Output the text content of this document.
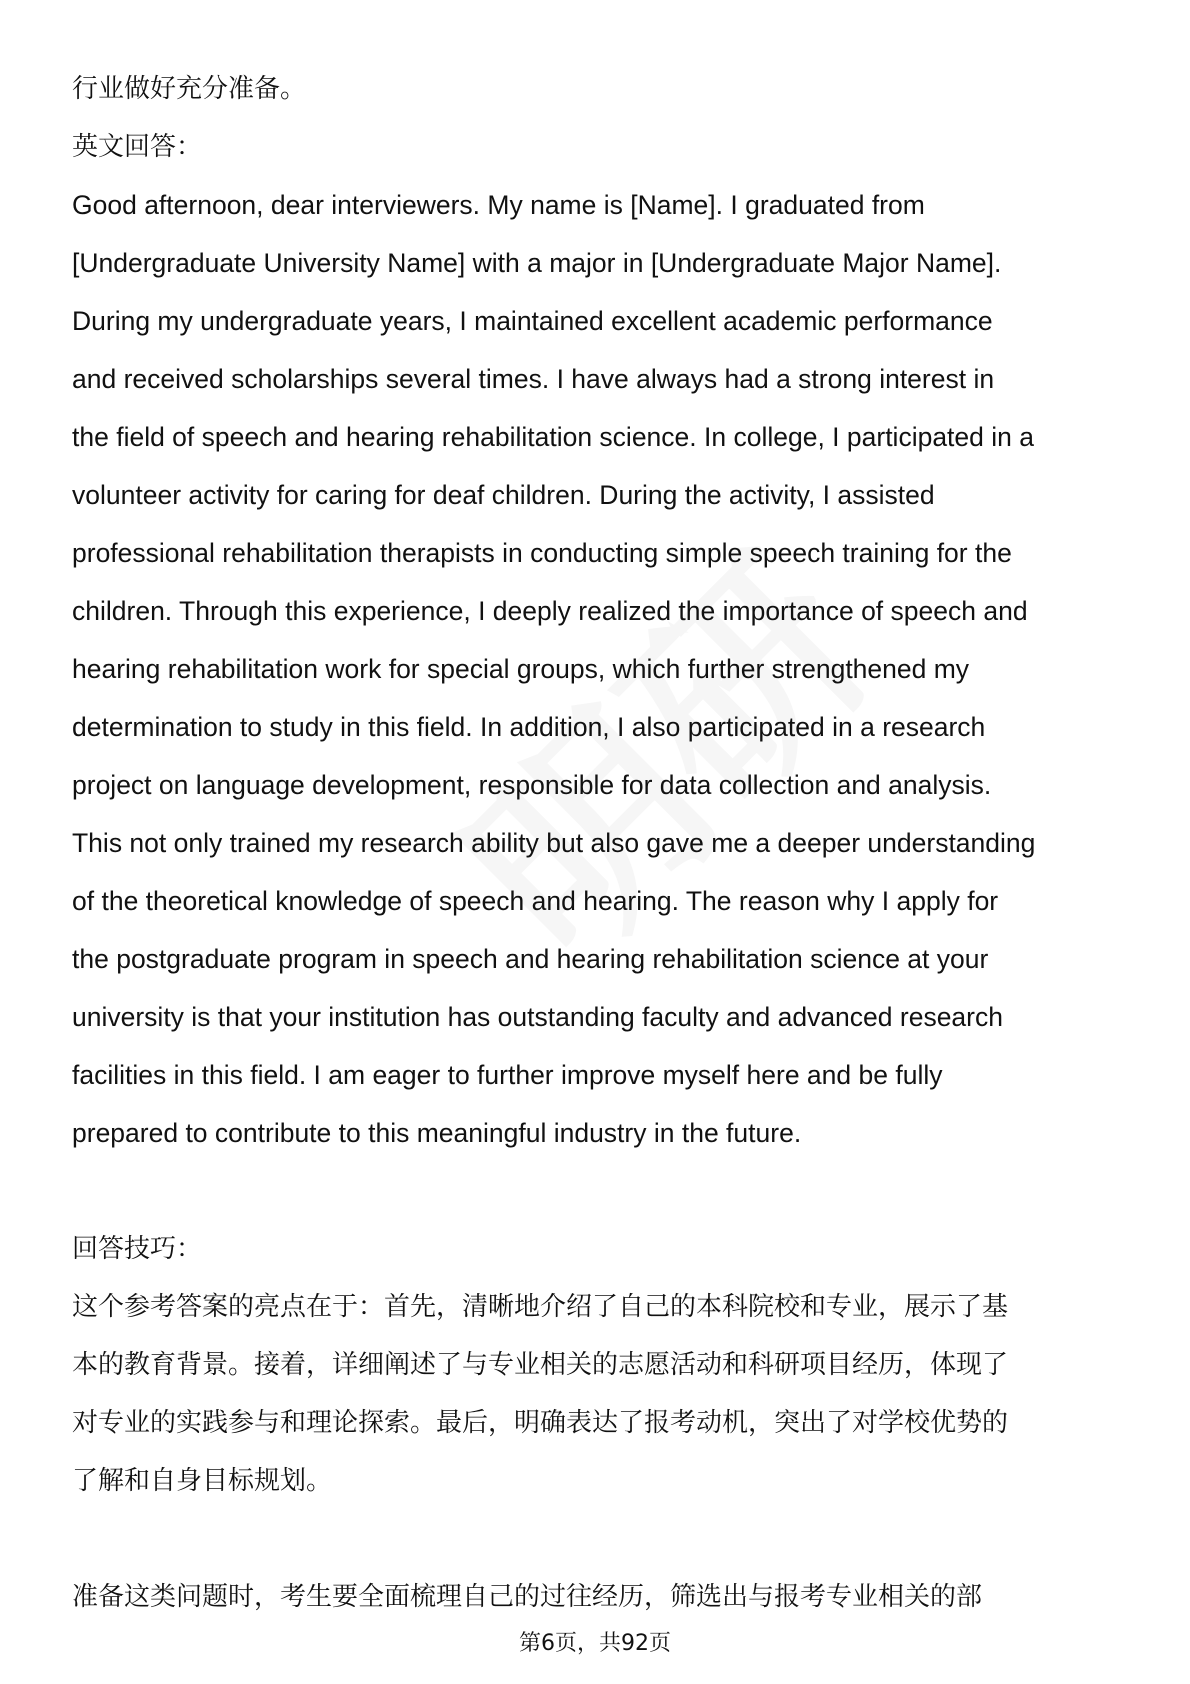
行业做好充分准备。
英文回答：
Good afternoon, dear interviewers. My name is [Name]. I graduated from
[Undergraduate University Name] with a major in [Undergraduate Major Name].
During my undergraduate years, I maintained excellent academic performance
and received scholarships several times. I have always had a strong interest in
the field of speech and hearing rehabilitation science. In college, I participated in a
volunteer activity for caring for deaf children. During the activity, I assisted
professional rehabilitation therapists in conducting simple speech training for the
children. Through this experience, I deeply realized the importance of speech and
hearing rehabilitation work for special groups, which further strengthened my
determination to study in this field. In addition, I also participated in a research
project on language development, responsible for data collection and analysis.
This not only trained my research ability but also gave me a deeper understanding
of the theoretical knowledge of speech and hearing. The reason why I apply for
the postgraduate program in speech and hearing rehabilitation science at your
university is that your institution has outstanding faculty and advanced research
facilities in this field. I am eager to further improve myself here and be fully
prepared to contribute to this meaningful industry in the future.
回答技巧：
这个参考答案的亮点在于：首先，清晰地介绍了自己的本科院校和专业，展示了基
本的教育背景。接着，详细阐述了与专业相关的志愿活动和科研项目经历，体现了
对专业的实践参与和理论探索。最后，明确表达了报考动机，突出了对学校优势的
了解和自身目标规划。
准备这类问题时，考生要全面梳理自己的过往经历，筛选出与报考专业相关的部
第6页，共92页
